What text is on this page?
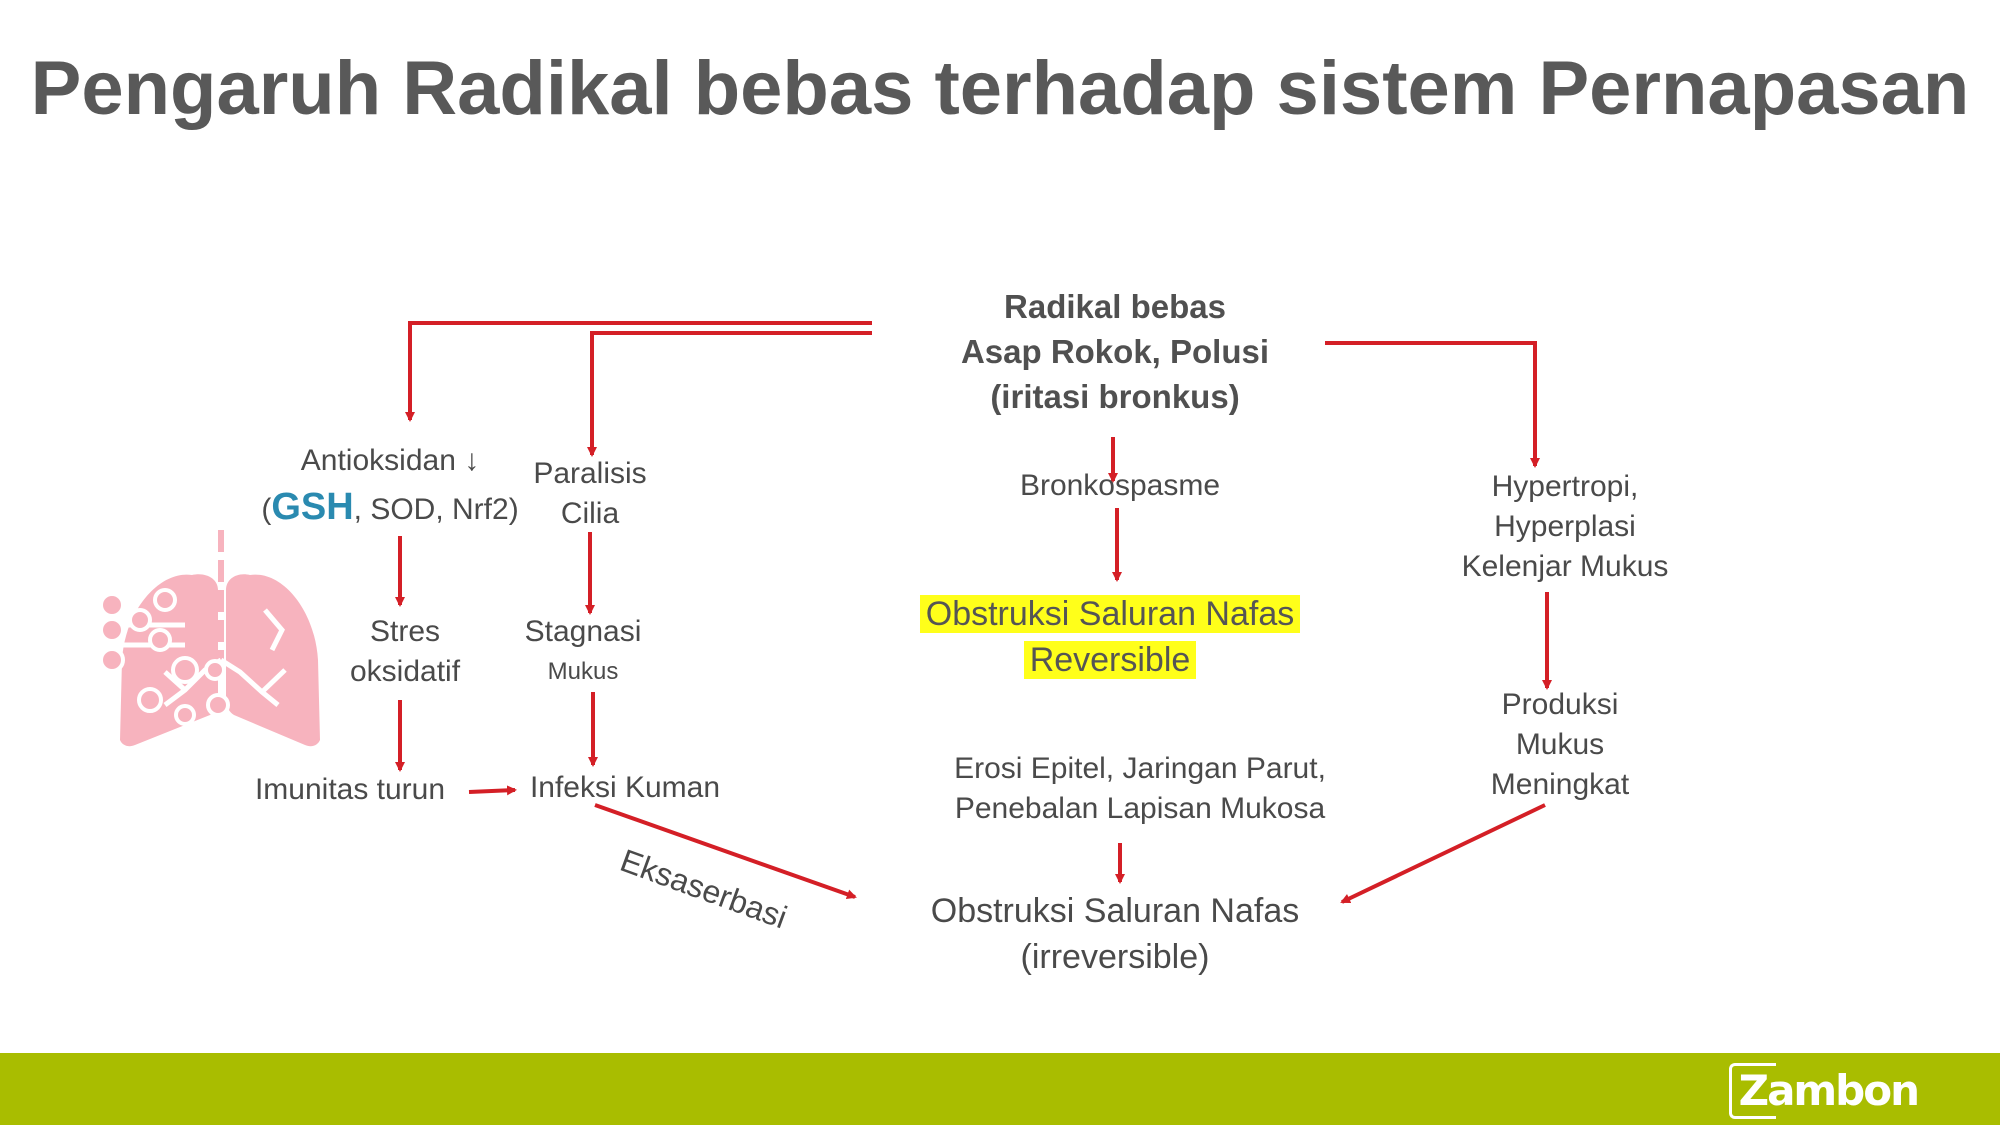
Pengaruh Radikal bebas terhadap sistem Pernapasan
Radikal bebas
Asap Rokok, Polusi
(iritasi bronkus)
Antioksidan ↓
(GSH, SOD, Nrf2)
Stres
oksidatif
Imunitas turun
Paralisis
Cilia
Stagnasi
Mukus
Infeksi Kuman
Eksaserbasi
Bronkospasme
Obstruksi Saluran Nafas
Reversible
Erosi Epitel, Jaringan Parut,
Penebalan Lapisan Mukosa
Obstruksi Saluran Nafas
(irreversible)
Hypertropi,
Hyperplasi
Kelenjar Mukus
Produksi
Mukus
Meningkat
Zambon
